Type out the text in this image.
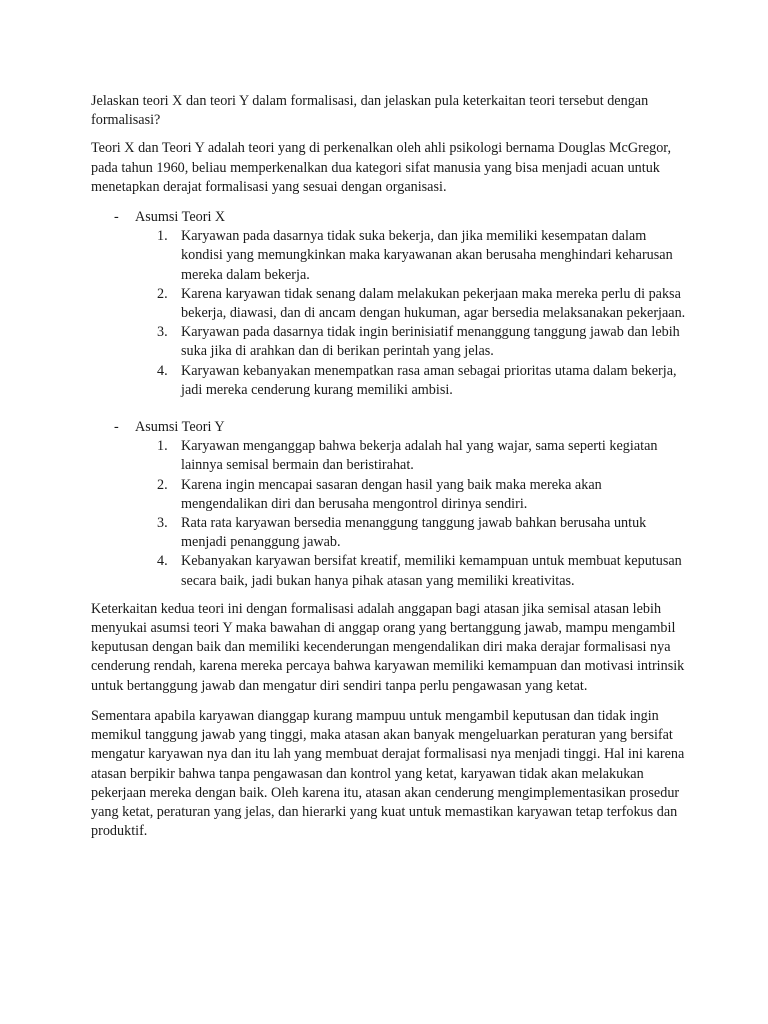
Jelaskan teori X dan teori Y dalam formalisasi, dan jelaskan pula keterkaitan teori tersebut dengan formalisasi?

Teori X dan Teori Y adalah teori yang di perkenalkan oleh ahli psikologi bernama Douglas McGregor, pada tahun 1960, beliau memperkenalkan dua kategori sifat manusia yang bisa menjadi acuan untuk menetapkan derajat formalisasi yang sesuai dengan organisasi.

- Asumsi Teori X
1. Karyawan pada dasarnya tidak suka bekerja, dan jika memiliki kesempatan dalam kondisi yang memungkinkan maka karyawanan akan berusaha menghindari keharusan mereka dalam bekerja.
2. Karena karyawan tidak senang dalam melakukan pekerjaan maka mereka perlu di paksa bekerja, diawasi, dan di ancam dengan hukuman, agar bersedia melaksanakan pekerjaan.
3. Karyawan pada dasarnya tidak ingin berinisiatif menanggung tanggung jawab dan lebih suka jika di arahkan dan di berikan perintah yang jelas.
4. Karyawan kebanyakan menempatkan rasa aman sebagai prioritas utama dalam bekerja, jadi mereka cenderung kurang memiliki ambisi.
- Asumsi Teori Y
1. Karyawan menganggap bahwa bekerja adalah hal yang wajar, sama seperti kegiatan lainnya semisal bermain dan beristirahat.
2. Karena ingin mencapai sasaran dengan hasil yang baik maka mereka akan mengendalikan diri dan berusaha mengontrol dirinya sendiri.
3. Rata rata karyawan bersedia menanggung tanggung jawab bahkan berusaha untuk menjadi penanggung jawab.
4. Kebanyakan karyawan bersifat kreatif, memiliki kemampuan untuk membuat keputusan secara baik, jadi bukan hanya pihak atasan yang memiliki kreativitas.

Keterkaitan kedua teori ini dengan formalisasi adalah anggapan bagi atasan jika semisal atasan lebih menyukai asumsi teori Y maka bawahan di anggap orang yang bertanggung jawab, mampu mengambil keputusan dengan baik dan memiliki kecenderungan mengendalikan diri maka derajar formalisasi nya cenderung rendah, karena mereka percaya bahwa karyawan memiliki kemampuan dan motivasi intrinsik untuk bertanggung jawab dan mengatur diri sendiri tanpa perlu pengawasan yang ketat.

Sementara apabila karyawan dianggap kurang mampuu untuk mengambil keputusan dan tidak ingin memikul tanggung jawab yang tinggi, maka atasan akan banyak mengeluarkan peraturan yang bersifat mengatur karyawan nya dan itu lah yang membuat derajat formalisasi nya menjadi tinggi. Hal ini karena atasan berpikir bahwa tanpa pengawasan dan kontrol yang ketat, karyawan tidak akan melakukan pekerjaan mereka dengan baik. Oleh karena itu, atasan akan cenderung mengimplementasikan prosedur yang ketat, peraturan yang jelas, dan hierarki yang kuat untuk memastikan karyawan tetap terfokus dan produktif.
